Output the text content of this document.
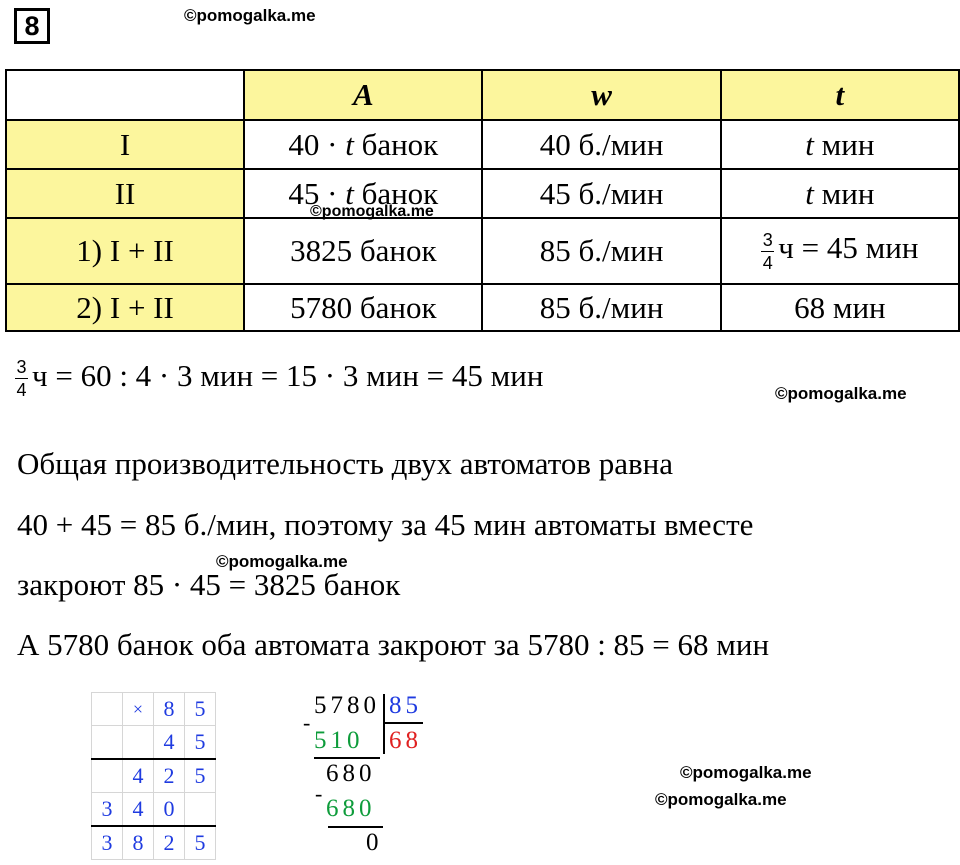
8	©pomogalka.me
©pomogalka.me
©pomogalka.me
©pomogalka.me
©pomogalka.me
©pomogalka.me
	A	w	t
I	40 · t банок	40 б./мин	t мин
II	45 · t банок	45 б./мин	t мин
1) I + II	3825 банок	85 б./мин	$\frac{3}{4}$ ч = 45 мин
2) I + II	5780 банок	85 б./мин	68 мин
$\frac{3}{4}$ ч = 60 : 4 · 3 мин = 15 · 3 мин = 45 мин
Общая производительность двух автоматов равна
40 + 45 = 85 б./мин, поэтому за 45 мин автоматы вместе
закроют 85 · 45 = 3825 банок
А 5780 банок оба автомата закроют за 5780 : 85 = 68 мин
	×	8	5
		4	5
	4	2	5
3	4	0	
3	8	2	5
5780 85
-
510 68
680
-
680
0
